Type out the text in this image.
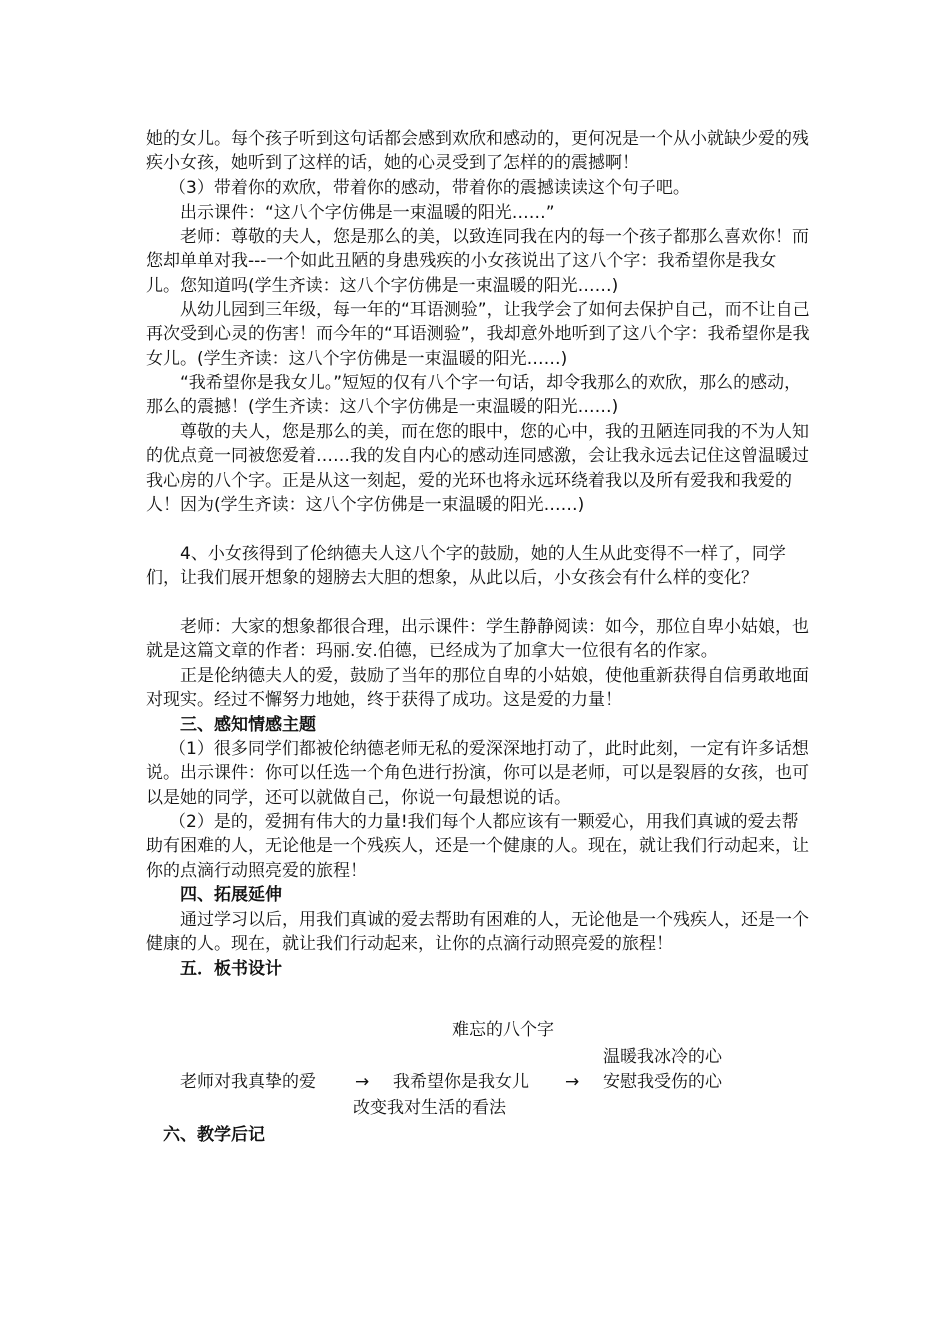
她的女儿。每个孩子听到这句话都会感到欢欣和感动的，更何况是一个从小就缺少爱的残疾小女孩，她听到了这样的话，她的心灵受到了怎样的的震撼啊！

（3）带着你的欢欣，带着你的感动，带着你的震撼读读这个句子吧。

出示课件：“这八个字仿佛是一束温暖的阳光……”

老师：尊敬的夫人，您是那么的美，以致连同我在内的每一个孩子都那么喜欢你！而您却单单对我---一个如此丑陋的身患残疾的小女孩说出了这八个字：我希望你是我女儿。您知道吗(学生齐读：这八个字仿佛是一束温暖的阳光……)

从幼儿园到三年级，每一年的“耳语测验”，让我学会了如何去保护自己，而不让自己再次受到心灵的伤害！而今年的“耳语测验”，我却意外地听到了这八个字：我希望你是我女儿。(学生齐读：这八个字仿佛是一束温暖的阳光……)

“我希望你是我女儿。”短短的仅有八个字一句话，却令我那么的欢欣，那么的感动，那么的震撼！(学生齐读：这八个字仿佛是一束温暖的阳光……)

尊敬的夫人，您是那么的美，而在您的眼中，您的心中，我的丑陋连同我的不为人知的优点竟一同被您爱着……我的发自内心的感动连同感激，会让我永远去记住这曾温暖过我心房的八个字。正是从这一刻起，爱的光环也将永远环绕着我以及所有爱我和我爱的人！因为(学生齐读：这八个字仿佛是一束温暖的阳光……)

4、小女孩得到了伦纳德夫人这八个字的鼓励，她的人生从此变得不一样了，同学们，让我们展开想象的翅膀去大胆的想象，从此以后，小女孩会有什么样的变化？

老师：大家的想象都很合理，出示课件：学生静静阅读：如今，那位自卑小姑娘，也就是这篇文章的作者：玛丽.安.伯德，已经成为了加拿大一位很有名的作家。

正是伦纳德夫人的爱，鼓励了当年的那位自卑的小姑娘，使他重新获得自信勇敢地面对现实。经过不懈努力地她，终于获得了成功。这是爱的力量！

三、感知情感主题

（1）很多同学们都被伦纳德老师无私的爱深深地打动了，此时此刻，一定有许多话想说。出示课件：你可以任选一个角色进行扮演，你可以是老师，可以是裂唇的女孩，也可以是她的同学，还可以就做自己，你说一句最想说的话。

（2）是的，爱拥有伟大的力量!我们每个人都应该有一颗爱心，用我们真诚的爱去帮助有困难的人，无论他是一个残疾人，还是一个健康的人。现在，就让我们行动起来，让你的点滴行动照亮爱的旅程！

四、拓展延伸

通过学习以后，用我们真诚的爱去帮助有困难的人，无论他是一个残疾人，还是一个健康的人。现在，就让我们行动起来，让你的点滴行动照亮爱的旅程！

五．板书设计

难忘的八个字
温暖我冰冷的心
老师对我真挚的爱 → 我希望你是我女儿 → 安慰我受伤的心
改变我对生活的看法

六、教学后记
